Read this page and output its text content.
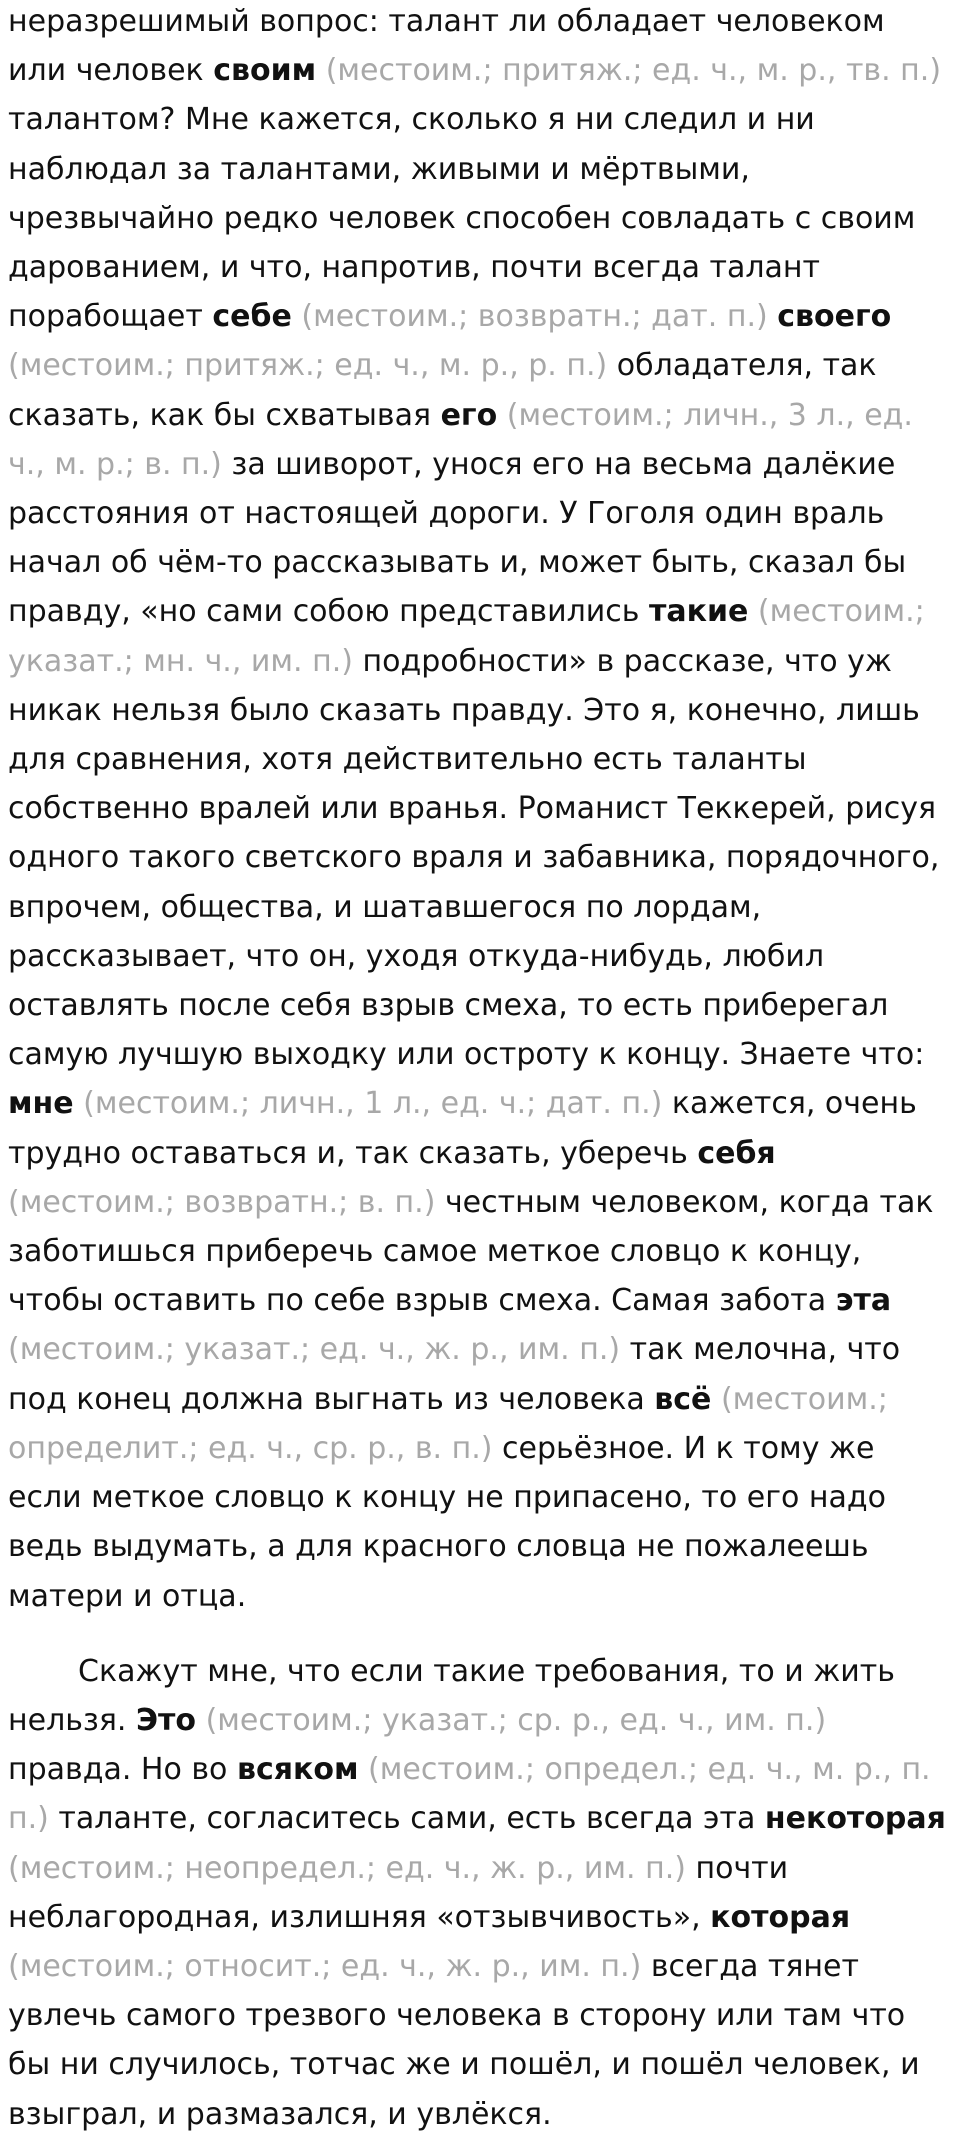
неразрешимый вопрос: талант ли обладает человеком или человек своим (местоим.; притяж.; ед. ч., м. р., тв. п.) талантом? Мне кажется, сколько я ни следил и ни наблюдал за талантами, живыми и мёртвыми, чрезвычайно редко человек способен совладать с своим дарованием, и что, напротив, почти всегда талант порабощает себе (местоим.; возвратн.; дат. п.) своего (местоим.; притяж.; ед. ч., м. р., р. п.) обладателя, так сказать, как бы схватывая его (местоим.; личн., 3 л., ед. ч., м. р.; в. п.) за шиворот, унося его на весьма далёкие расстояния от настоящей дороги. У Гоголя один враль начал об чём-то рассказывать и, может быть, сказал бы правду, «но сами собою представились такие (местоим.; указат.; мн. ч., им. п.) подробности» в рассказе, что уж никак нельзя было сказать правду. Это я, конечно, лишь для сравнения, хотя действительно есть таланты собственно вралей или вранья. Романист Теккерей, рисуя одного такого светского враля и забавника, порядочного, впрочем, общества, и шатавшегося по лордам, рассказывает, что он, уходя откуда-нибудь, любил оставлять после себя взрыв смеха, то есть приберегал самую лучшую выходку или остроту к концу. Знаете что: мне (местоим.; личн., 1 л., ед. ч.; дат. п.) кажется, очень трудно оставаться и, так сказать, уберечь себя (местоим.; возвратн.; в. п.) честным человеком, когда так заботишься приберечь самое меткое словцо к концу, чтобы оставить по себе взрыв смеха. Самая забота эта (местоим.; указат.; ед. ч., ж. р., им. п.) так мелочна, что под конец должна выгнать из человека всё (местоим.; определит.; ед. ч., ср. р., в. п.) серьёзное. И к тому же если меткое словцо к концу не припасено, то его надо ведь выдумать, а для красного словца не пожалеешь матери и отца.

Скажут мне, что если такие требования, то и жить нельзя. Это (местоим.; указат.; ср. р., ед. ч., им. п.) правда. Но во всяком (местоим.; определ.; ед. ч., м. р., п. п.) таланте, согласитесь сами, есть всегда эта некоторая (местоим.; неопредел.; ед. ч., ж. р., им. п.) почти неблагородная, излишняя «отзывчивость», которая (местоим.; относит.; ед. ч., ж. р., им. п.) всегда тянет увлечь самого трезвого человека в сторону или там что бы ни случилось, тотчас же и пошёл, и пошёл человек, и взыграл, и размазался, и увлёкся.
